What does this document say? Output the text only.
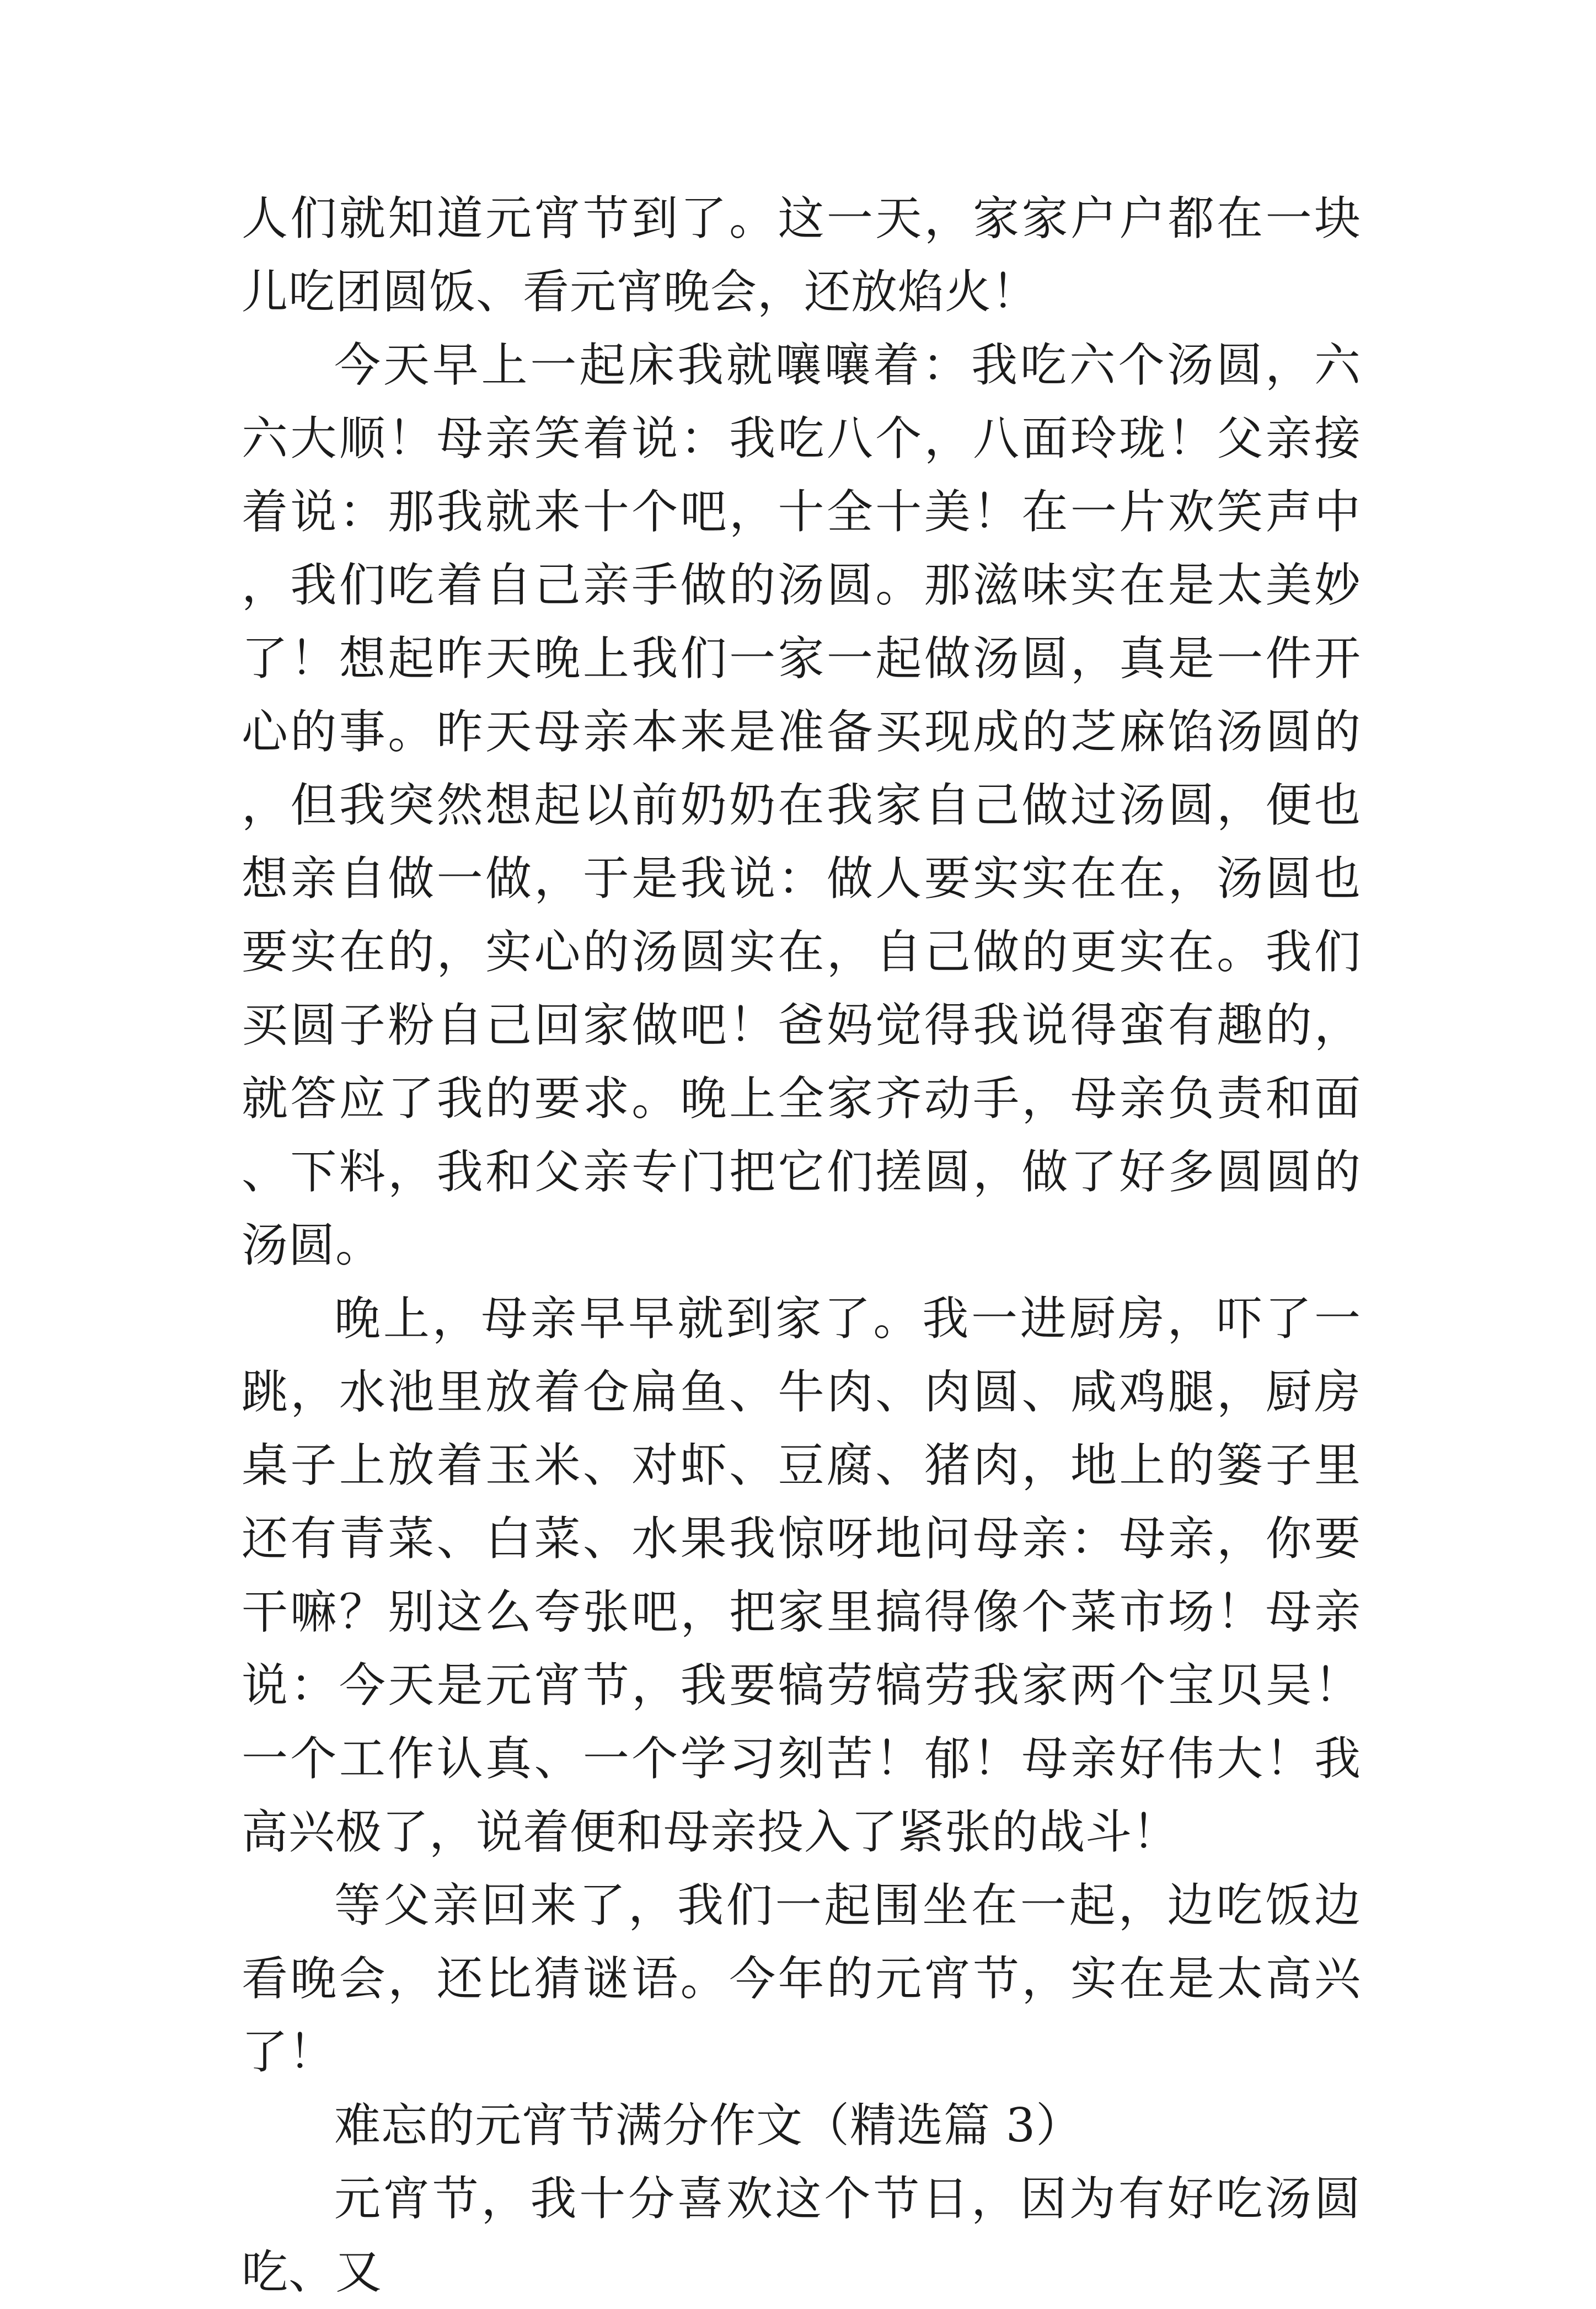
人们就知道元宵节到了。这一天，家家户户都在一块儿吃团圆饭、看元宵晚会，还放焰火！

今天早上一起床我就嚷嚷着：我吃六个汤圆，六六大顺！母亲笑着说：我吃八个，八面玲珑！父亲接着说：那我就来十个吧，十全十美！在一片欢笑声中，我们吃着自己亲手做的汤圆。那滋味实在是太美妙了！想起昨天晚上我们一家一起做汤圆，真是一件开心的事。昨天母亲本来是准备买现成的芝麻馅汤圆的，但我突然想起以前奶奶在我家自己做过汤圆，便也想亲自做一做，于是我说：做人要实实在在，汤圆也要实在的，实心的汤圆实在，自己做的更实在。我们买圆子粉自己回家做吧！爸妈觉得我说得蛮有趣的，就答应了我的要求。晚上全家齐动手，母亲负责和面、下料，我和父亲专门把它们搓圆，做了好多圆圆的汤圆。

晚上，母亲早早就到家了。我一进厨房，吓了一跳，水池里放着仓扁鱼、牛肉、肉圆、咸鸡腿，厨房桌子上放着玉米、对虾、豆腐、猪肉，地上的篓子里还有青菜、白菜、水果我惊呀地问母亲：母亲，你要干嘛？别这么夸张吧，把家里搞得像个菜市场！母亲说：今天是元宵节，我要犒劳犒劳我家两个宝贝吴！一个工作认真、一个学习刻苦！郁！母亲好伟大！我高兴极了，说着便和母亲投入了紧张的战斗！

等父亲回来了，我们一起围坐在一起，边吃饭边看晚会，还比猜谜语。今年的元宵节，实在是太高兴了！

难忘的元宵节满分作文（精选篇 3）

元宵节，我十分喜欢这个节日，因为有好吃汤圆吃、又
